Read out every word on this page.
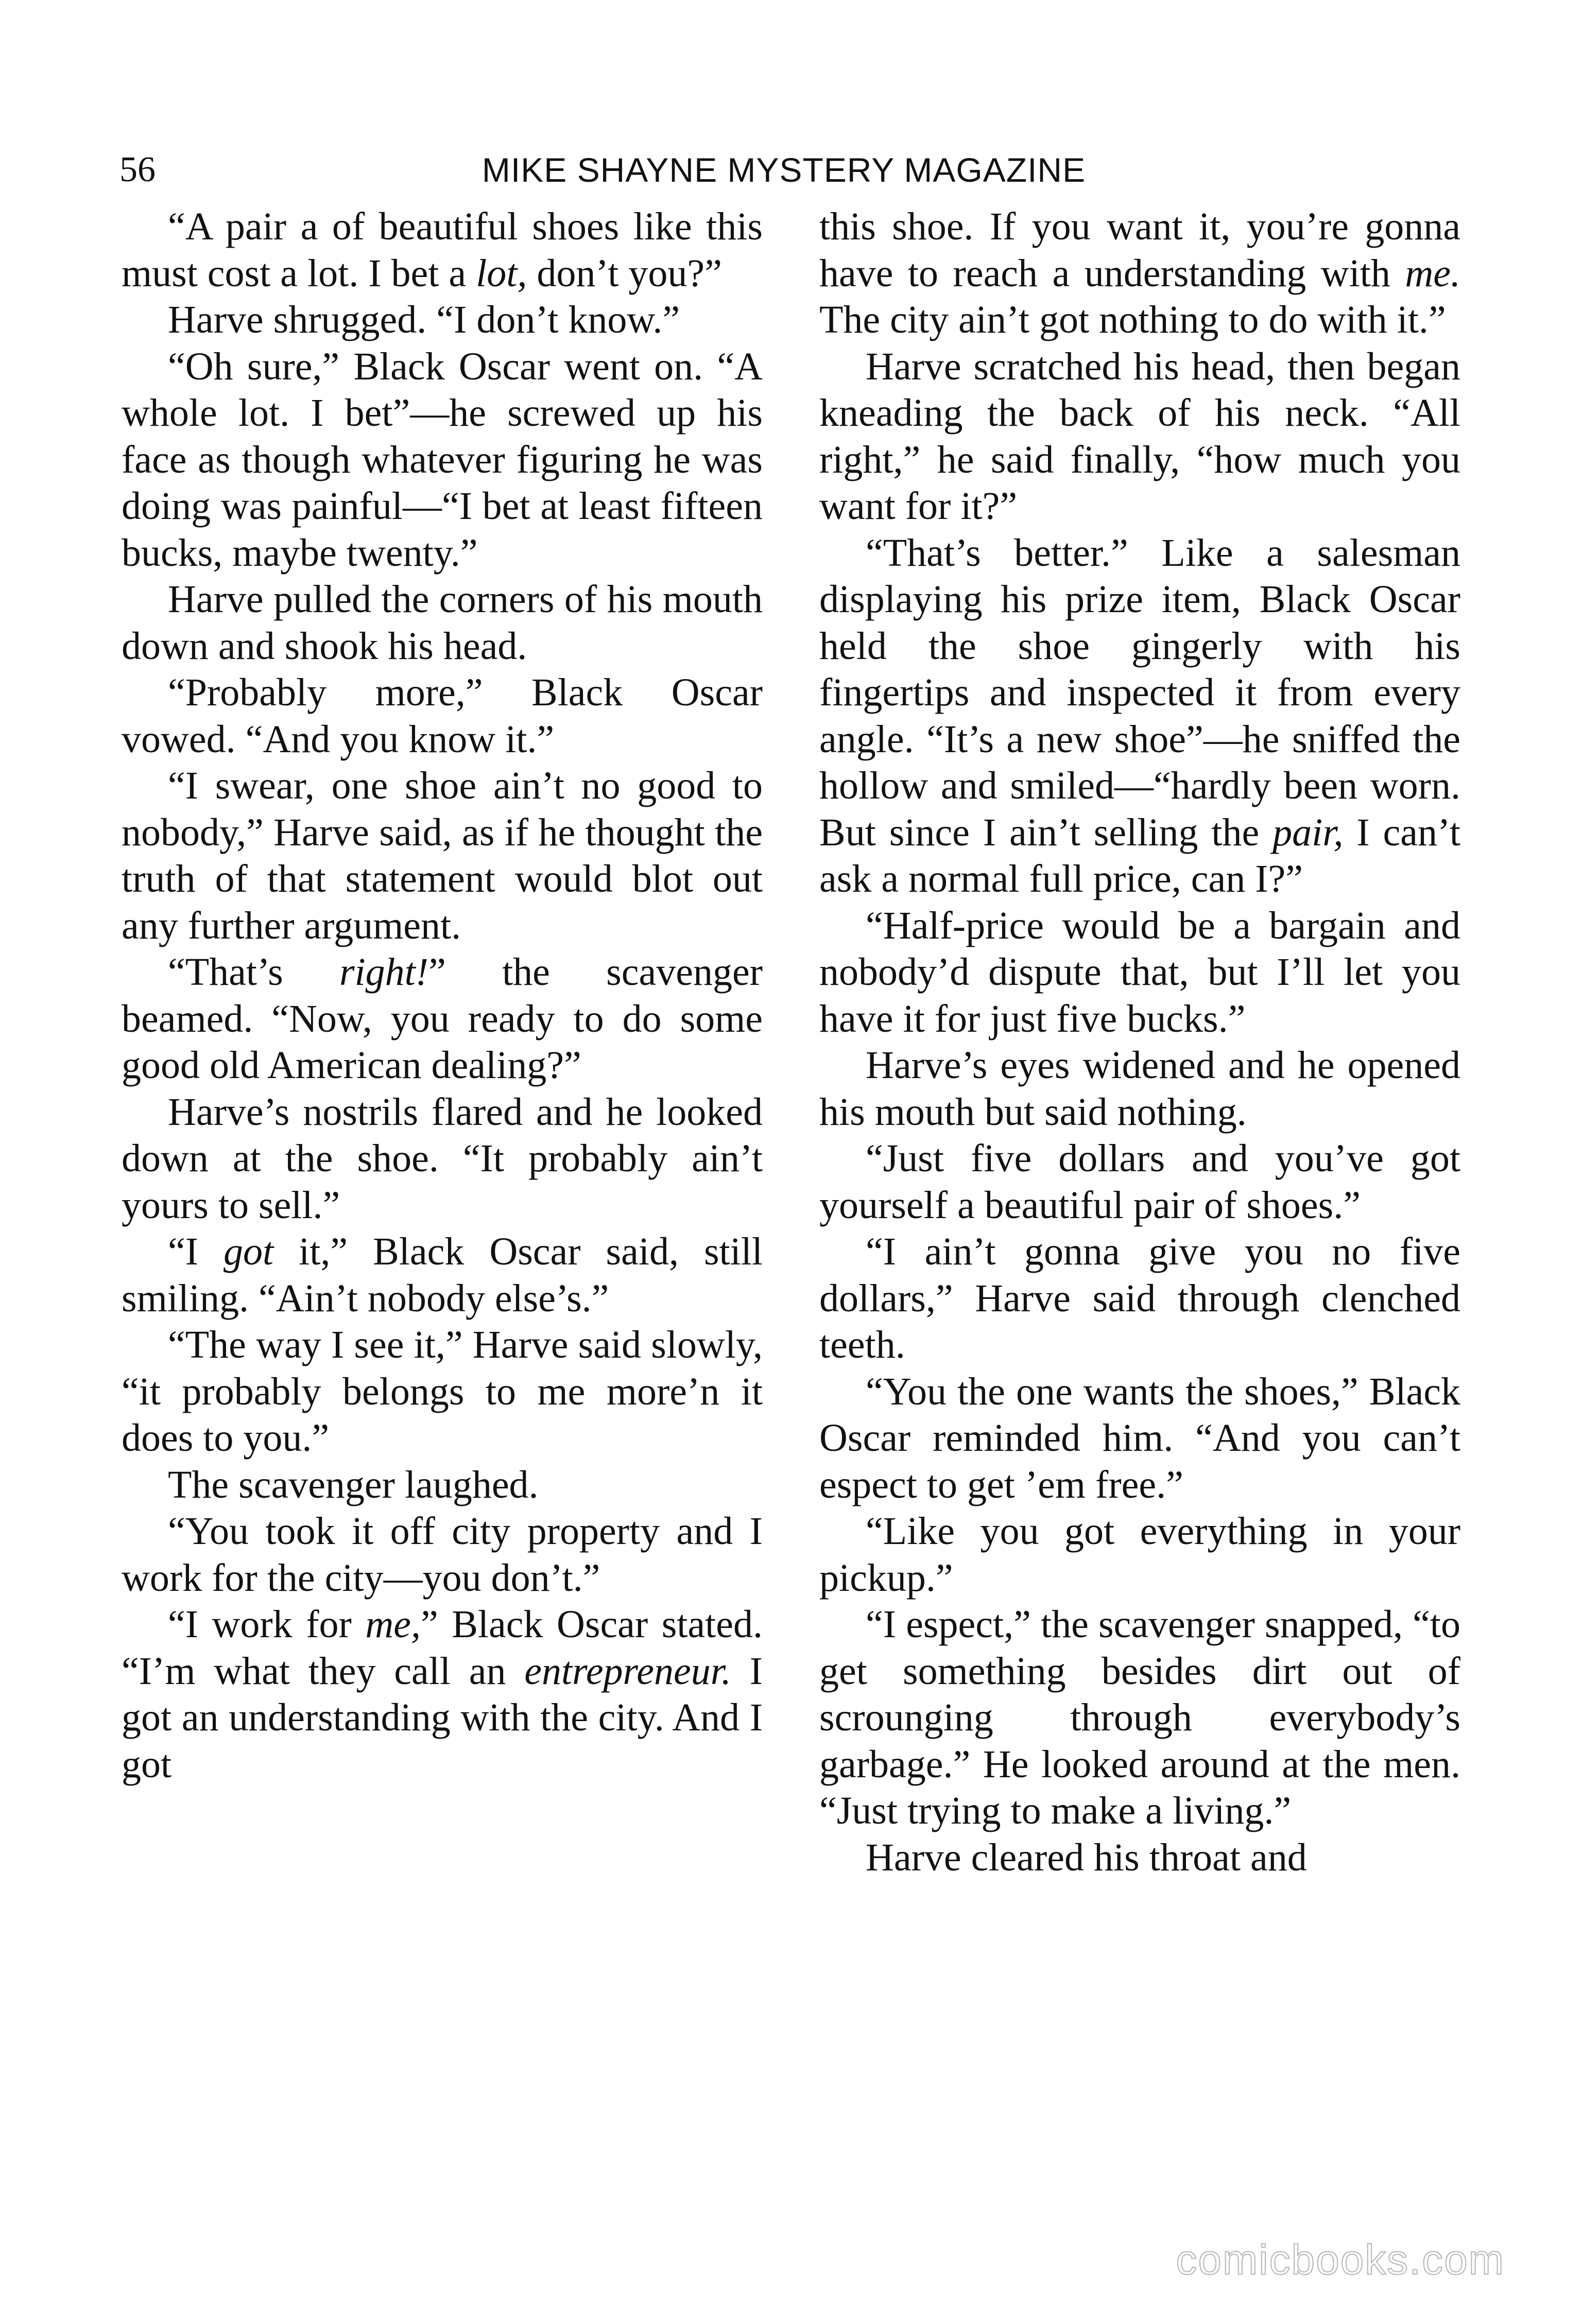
56	MIKE SHAYNE MYSTERY MAGAZINE

“A pair a of beautiful shoes like this must cost a lot. I bet a lot, don’t you?”

Harve shrugged. “I don’t know.”

“Oh sure,” Black Oscar went on. “A whole lot. I bet”—he screwed up his face as though whatever figuring he was doing was painful—“I bet at least fifteen bucks, maybe twenty.”

Harve pulled the corners of his mouth down and shook his head.

“Probably more,” Black Oscar vowed. “And you know it.”

“I swear, one shoe ain’t no good to nobody,” Harve said, as if he thought the truth of that statement would blot out any further argument.

“That’s right!” the scavenger beamed. “Now, you ready to do some good old American dealing?”

Harve’s nostrils flared and he looked down at the shoe. “It probably ain’t yours to sell.”

“I got it,” Black Oscar said, still smiling. “Ain’t nobody else’s.”

“The way I see it,” Harve said slowly, “it probably belongs to me more’n it does to you.”

The scavenger laughed.

“You took it off city property and I work for the city—you don’t.”

“I work for me,” Black Oscar stated. “I’m what they call an entrepreneur. I got an understanding with the city. And I got

this shoe. If you want it, you’re gonna have to reach a understanding with me. The city ain’t got nothing to do with it.”

Harve scratched his head, then began kneading the back of his neck. “All right,” he said finally, “how much you want for it?”

“That’s better.” Like a salesman displaying his prize item, Black Oscar held the shoe gingerly with his fingertips and inspected it from every angle. “It’s a new shoe”—he sniffed the hollow and smiled—“hardly been worn. But since I ain’t selling the pair, I can’t ask a normal full price, can I?”

“Half-price would be a bargain and nobody’d dispute that, but I’ll let you have it for just five bucks.”

Harve’s eyes widened and he opened his mouth but said nothing.

“Just five dollars and you’ve got yourself a beautiful pair of shoes.”

“I ain’t gonna give you no five dollars,” Harve said through clenched teeth.

“You the one wants the shoes,” Black Oscar reminded him. “And you can’t espect to get ’em free.”

“Like you got everything in your pickup.”

“I espect,” the scavenger snapped, “to get something besides dirt out of scrounging through everybody’s garbage.” He looked around at the men. “Just trying to make a living.”

Harve cleared his throat and

comicbooks.com
